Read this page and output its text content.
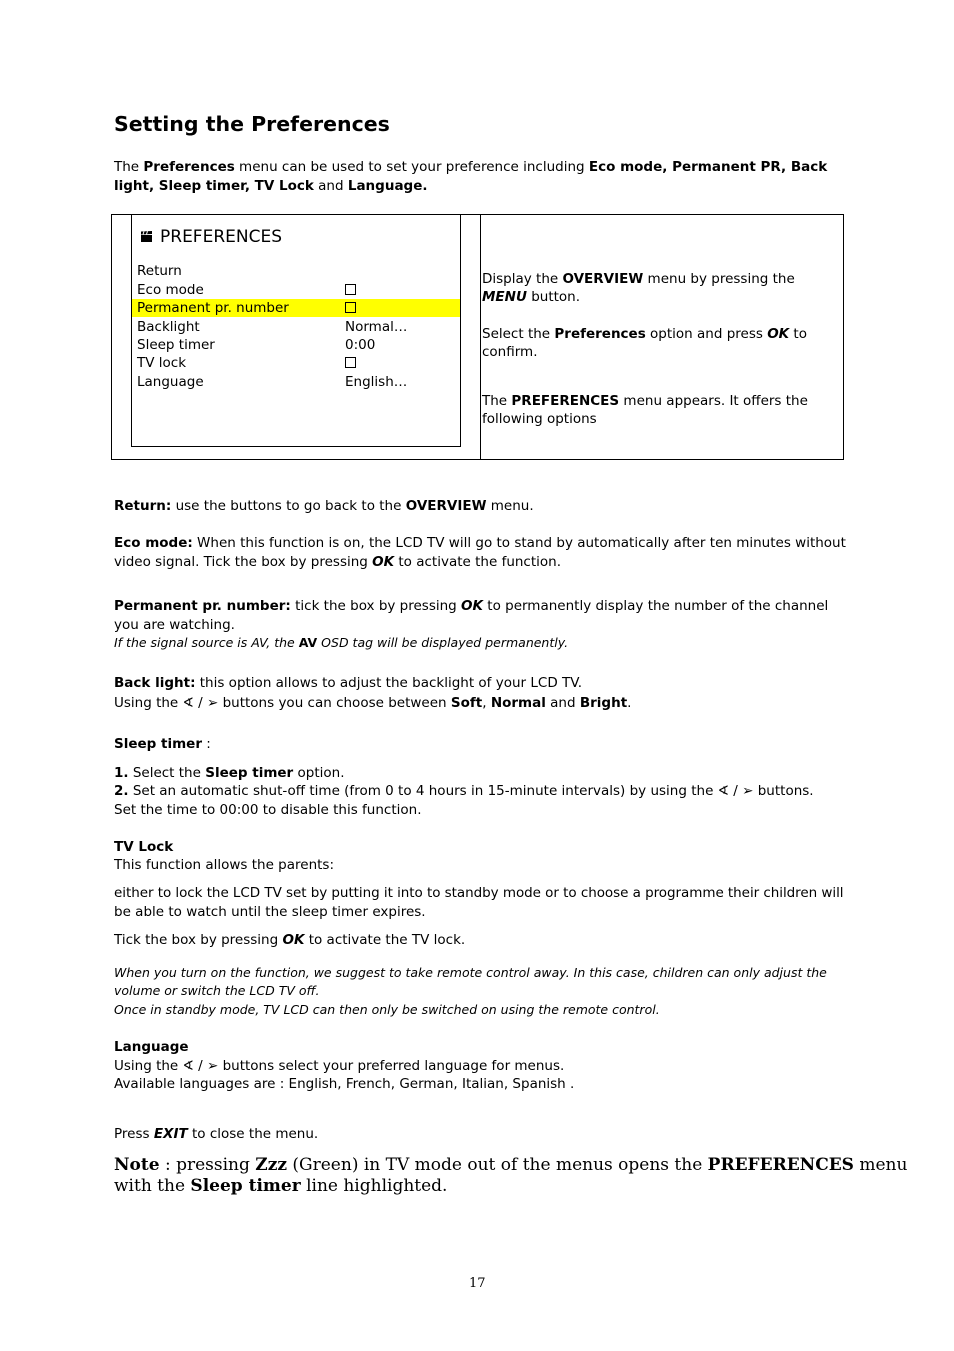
Setting the Preferences
The Preferences menu can be used to set your preference including Eco mode, Permanent PR, Back
light, Sleep timer, TV Lock and Language.
PREFERENCES
Return
Eco mode
Permanent pr. number
Backlight	Normal…
Sleep timer	0:00
TV lock
Language	English…
Display the OVERVIEW menu by pressing the
MENU button.
Select the Preferences option and press OK to
confirm.
The PREFERENCES menu appears. It offers the
following options
Return: use the buttons to go back to the OVERVIEW menu.
Eco mode: When this function is on, the LCD TV will go to stand by automatically after ten minutes without
video signal. Tick the box by pressing OK to activate the function.
Permanent pr. number: tick the box by pressing OK to permanently display the number of the channel
you are watching.
If the signal source is AV, the AV OSD tag will be displayed permanently.
Back light: this option allows to adjust the backlight of your LCD TV.
Using the ∢ / ➢ buttons you can choose between Soft, Normal and Bright.
Sleep timer :
1. Select the Sleep timer option.
2. Set an automatic shut-off time (from 0 to 4 hours in 15-minute intervals) by using the ∢ / ➢ buttons.
Set the time to 00:00 to disable this function.
TV Lock
This function allows the parents:
either to lock the LCD TV set by putting it into to standby mode or to choose a programme their children will
be able to watch until the sleep timer expires.
Tick the box by pressing OK to activate the TV lock.
When you turn on the function, we suggest to take remote control away. In this case, children can only adjust the
volume or switch the LCD TV off.
Once in standby mode, TV LCD can then only be switched on using the remote control.
Language
Using the ∢ / ➢ buttons select your preferred language for menus.
Available languages are : English, French, German, Italian, Spanish .
Press EXIT to close the menu.
Note : pressing Zzz (Green) in TV mode out of the menus opens the PREFERENCES menu
with the Sleep timer line highlighted.
17
